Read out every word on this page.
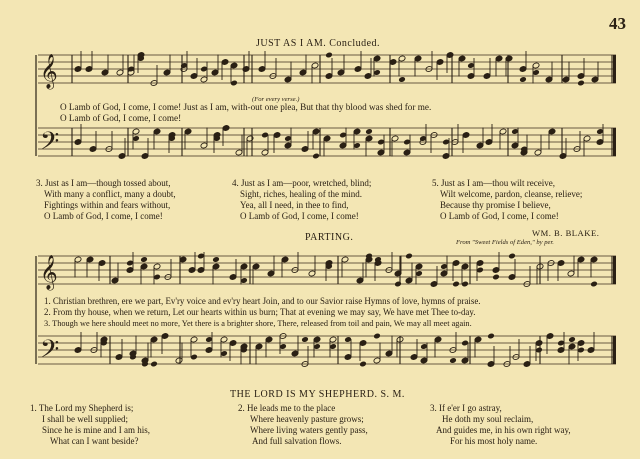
𝄞
𝄢
𝄞
𝄢
43
JUST AS I AM. Concluded.
(For every verse.)
O Lamb of God, I come, I come! Just as I am, with-out one plea, But that thy blood was shed for me.
O Lamb of God, I come, I come!
3. Just as I am—though tossed about,
With many a conflict, many a doubt,
Fightings within and fears without,
O Lamb of God, I come, I come!
4. Just as I am—poor, wretched, blind;
Sight, riches, healing of the mind.
Yea, all I need, in thee to find,
O Lamb of God, I come, I come!
5. Just as I am—thou wilt receive,
Wilt welcome, pardon, cleanse, relieve;
Because thy promise I believe,
O Lamb of God, I come, I come!
PARTING.	WM. B. BLAKE.
From "Sweet Fields of Eden," by per.
1. Christian brethren, ere we part, Ev'ry voice and ev'ry heart Join, and to our Savior raise Hymns of love, hymns of praise.
2. From thy house, when we return, Let our hearts within us burn; That at evening we may say, We have met Thee to-day.
3. Though we here should meet no more, Yet there is a brighter shore, There, released from toil and pain, We may all meet again.
THE LORD IS MY SHEPHERD. S. M.
1. The Lord my Shepherd is;
I shall be well supplied;
Since he is mine and I am his,
What can I want beside?
2. He leads me to the place
Where heavenly pasture grows;
Where living waters gently pass,
And full salvation flows.
3. If e'er I go astray,
He doth my soul reclaim,
And guides me, in his own right way,
For his most holy name.
